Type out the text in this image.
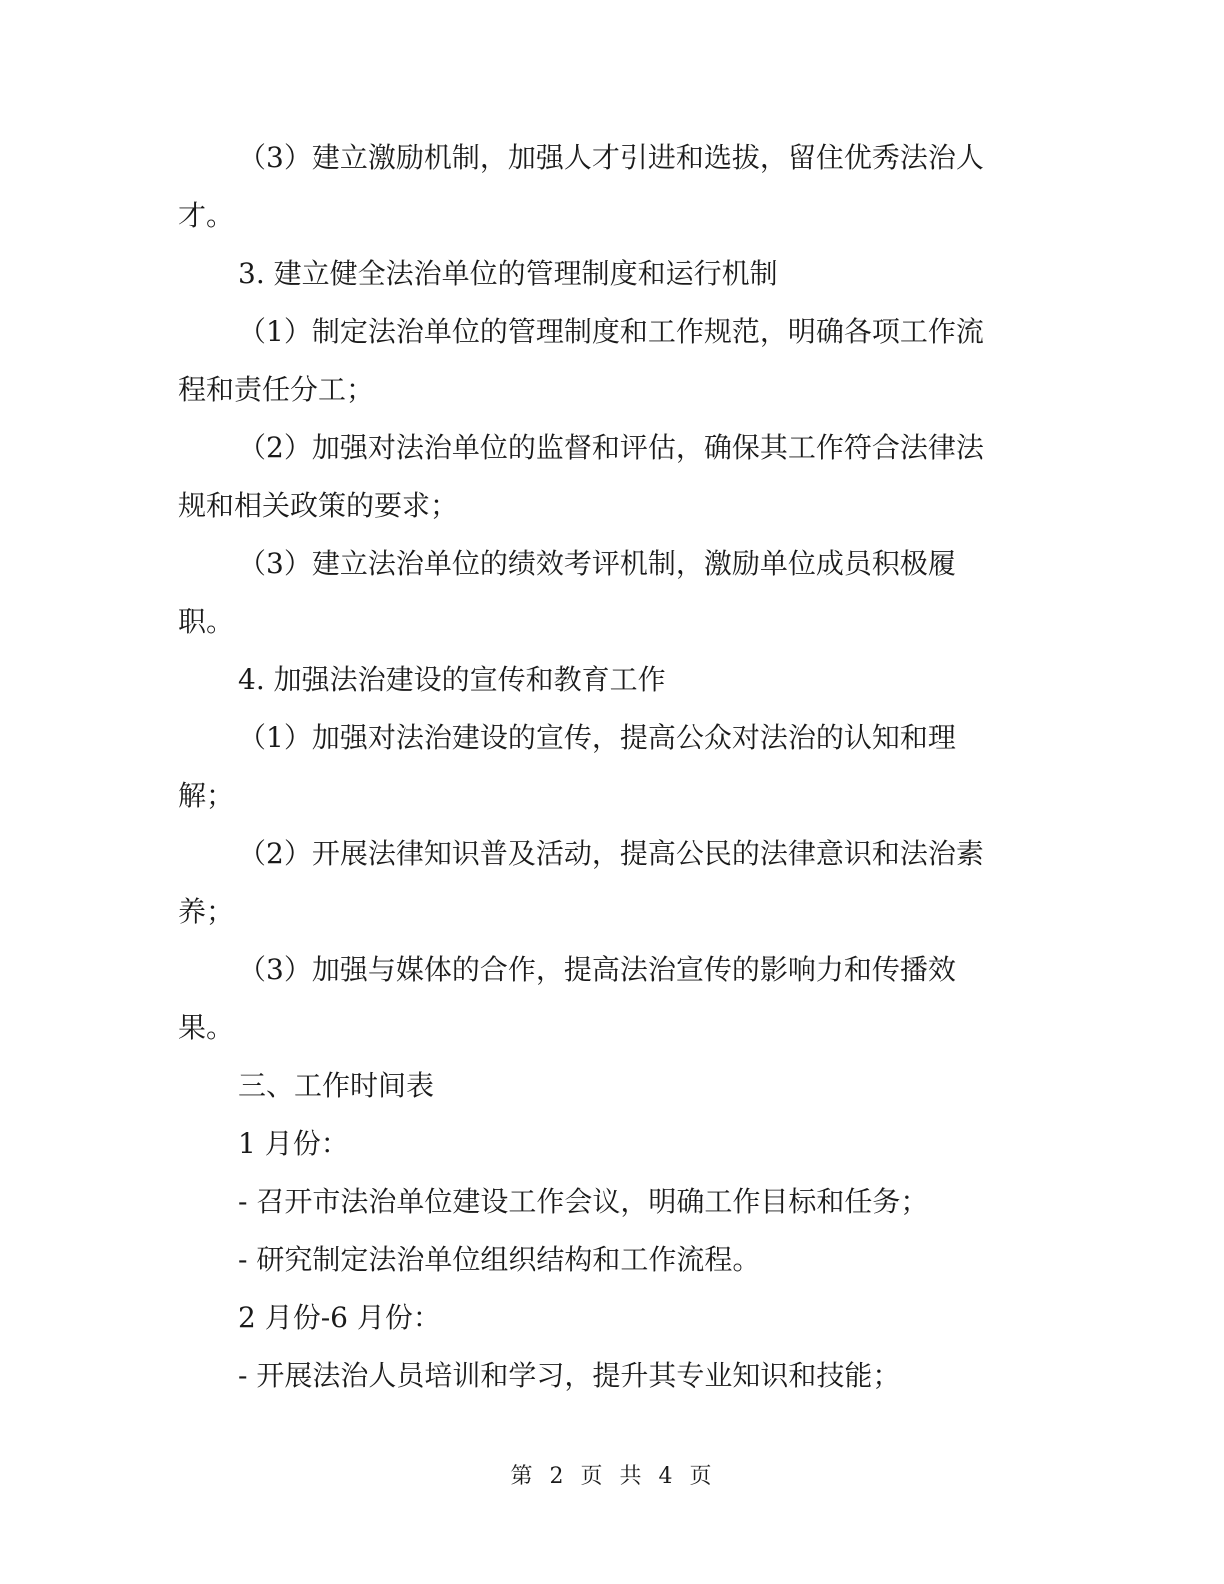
（3）建立激励机制，加强人才引进和选拔，留住优秀法治人
才。
3. 建立健全法治单位的管理制度和运行机制
（1）制定法治单位的管理制度和工作规范，明确各项工作流
程和责任分工；
（2）加强对法治单位的监督和评估，确保其工作符合法律法
规和相关政策的要求；
（3）建立法治单位的绩效考评机制，激励单位成员积极履
职。
4. 加强法治建设的宣传和教育工作
（1）加强对法治建设的宣传，提高公众对法治的认知和理
解；
（2）开展法律知识普及活动，提高公民的法律意识和法治素
养；
（3）加强与媒体的合作，提高法治宣传的影响力和传播效
果。
三、工作时间表
1 月份：
- 召开市法治单位建设工作会议，明确工作目标和任务；
- 研究制定法治单位组织结构和工作流程。
2 月份-6 月份：
- 开展法治人员培训和学习，提升其专业知识和技能；
第 2 页 共 4 页
